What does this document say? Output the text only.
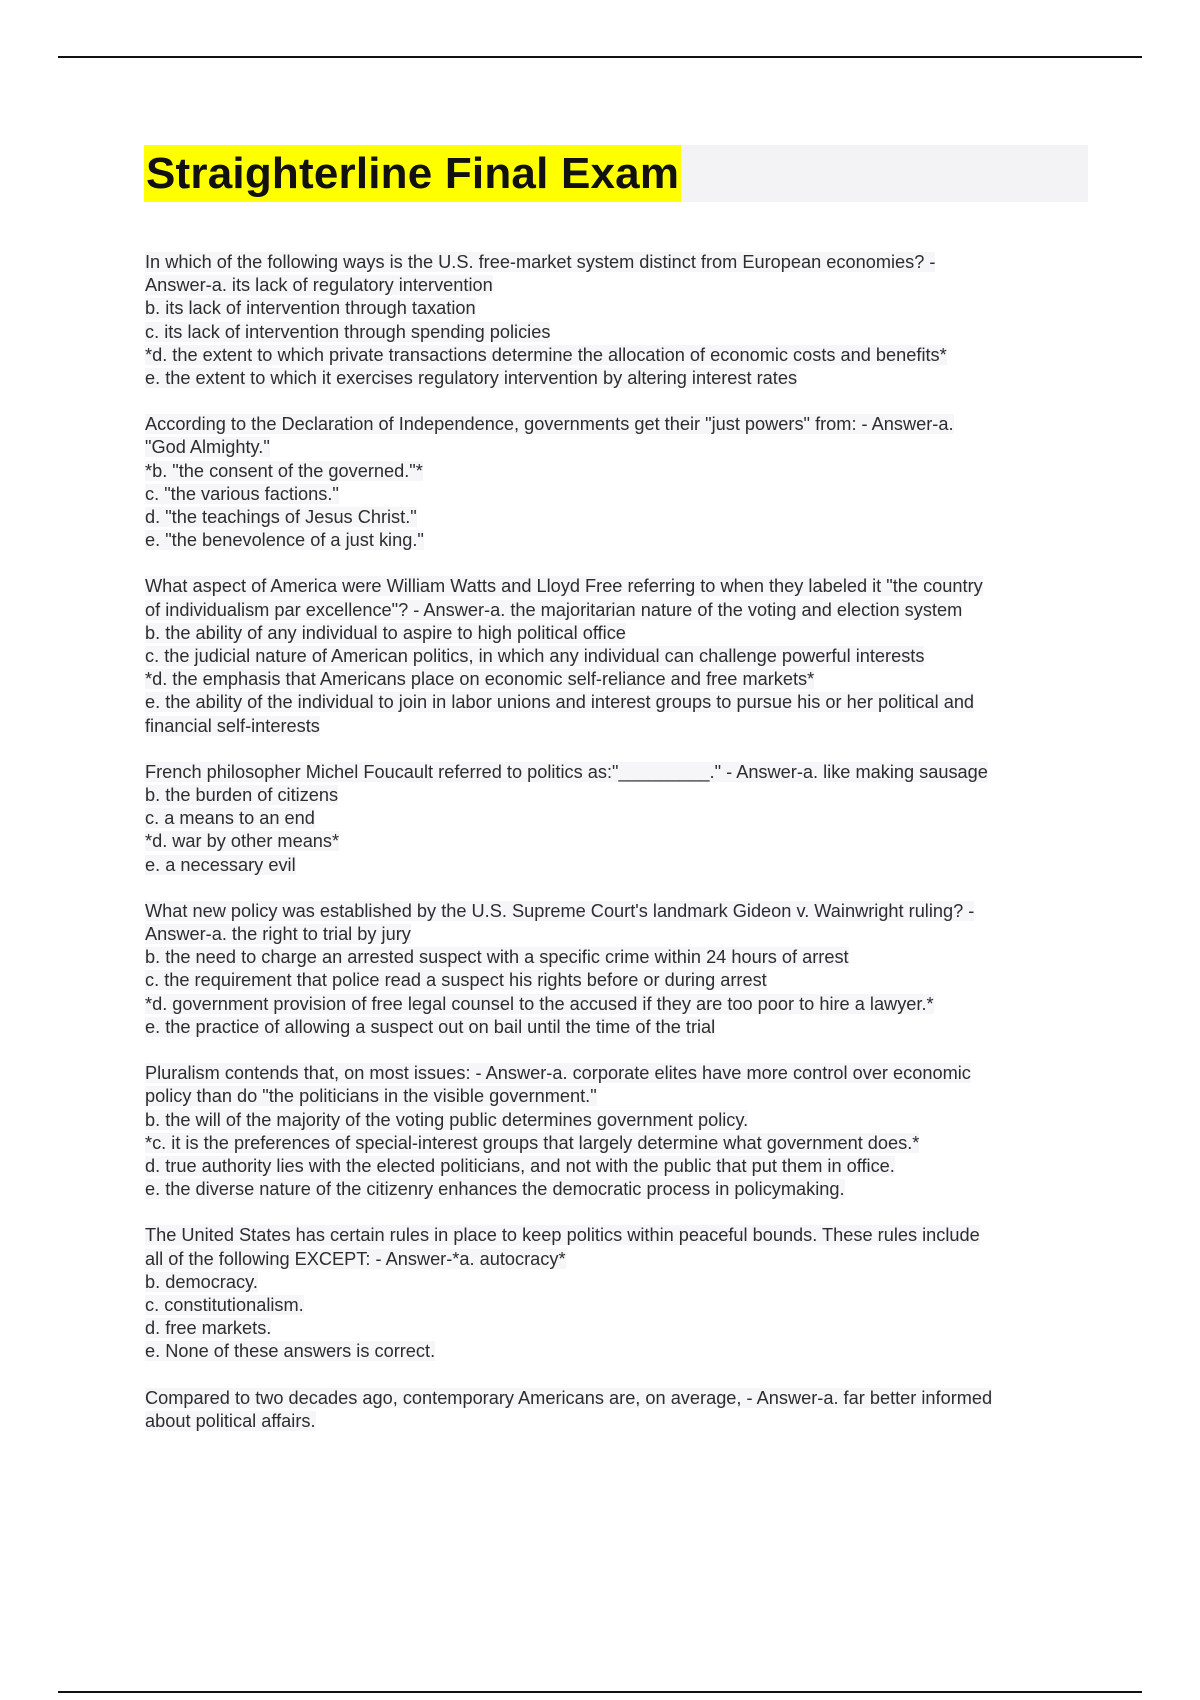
Straighterline Final Exam
In which of the following ways is the U.S. free-market system distinct from European economies? -
Answer-a. its lack of regulatory intervention
b. its lack of intervention through taxation
c. its lack of intervention through spending policies
*d. the extent to which private transactions determine the allocation of economic costs and benefits*
e. the extent to which it exercises regulatory intervention by altering interest rates
According to the Declaration of Independence, governments get their "just powers" from: - Answer-a.
"God Almighty."
*b. "the consent of the governed."*
c. "the various factions."
d. "the teachings of Jesus Christ."
e. "the benevolence of a just king."
What aspect of America were William Watts and Lloyd Free referring to when they labeled it "the country
of individualism par excellence"? - Answer-a. the majoritarian nature of the voting and election system
b. the ability of any individual to aspire to high political office
c. the judicial nature of American politics, in which any individual can challenge powerful interests
*d. the emphasis that Americans place on economic self-reliance and free markets*
e. the ability of the individual to join in labor unions and interest groups to pursue his or her political and
financial self-interests
French philosopher Michel Foucault referred to politics as:"_________." - Answer-a. like making sausage
b. the burden of citizens
c. a means to an end
*d. war by other means*
e. a necessary evil
What new policy was established by the U.S. Supreme Court's landmark Gideon v. Wainwright ruling? -
Answer-a. the right to trial by jury
b. the need to charge an arrested suspect with a specific crime within 24 hours of arrest
c. the requirement that police read a suspect his rights before or during arrest
*d. government provision of free legal counsel to the accused if they are too poor to hire a lawyer.*
e. the practice of allowing a suspect out on bail until the time of the trial
Pluralism contends that, on most issues: - Answer-a. corporate elites have more control over economic
policy than do "the politicians in the visible government."
b. the will of the majority of the voting public determines government policy.
*c. it is the preferences of special-interest groups that largely determine what government does.*
d. true authority lies with the elected politicians, and not with the public that put them in office.
e. the diverse nature of the citizenry enhances the democratic process in policymaking.
The United States has certain rules in place to keep politics within peaceful bounds. These rules include
all of the following EXCEPT: - Answer-*a. autocracy*
b. democracy.
c. constitutionalism.
d. free markets.
e. None of these answers is correct.
Compared to two decades ago, contemporary Americans are, on average, - Answer-a. far better informed
about political affairs.
